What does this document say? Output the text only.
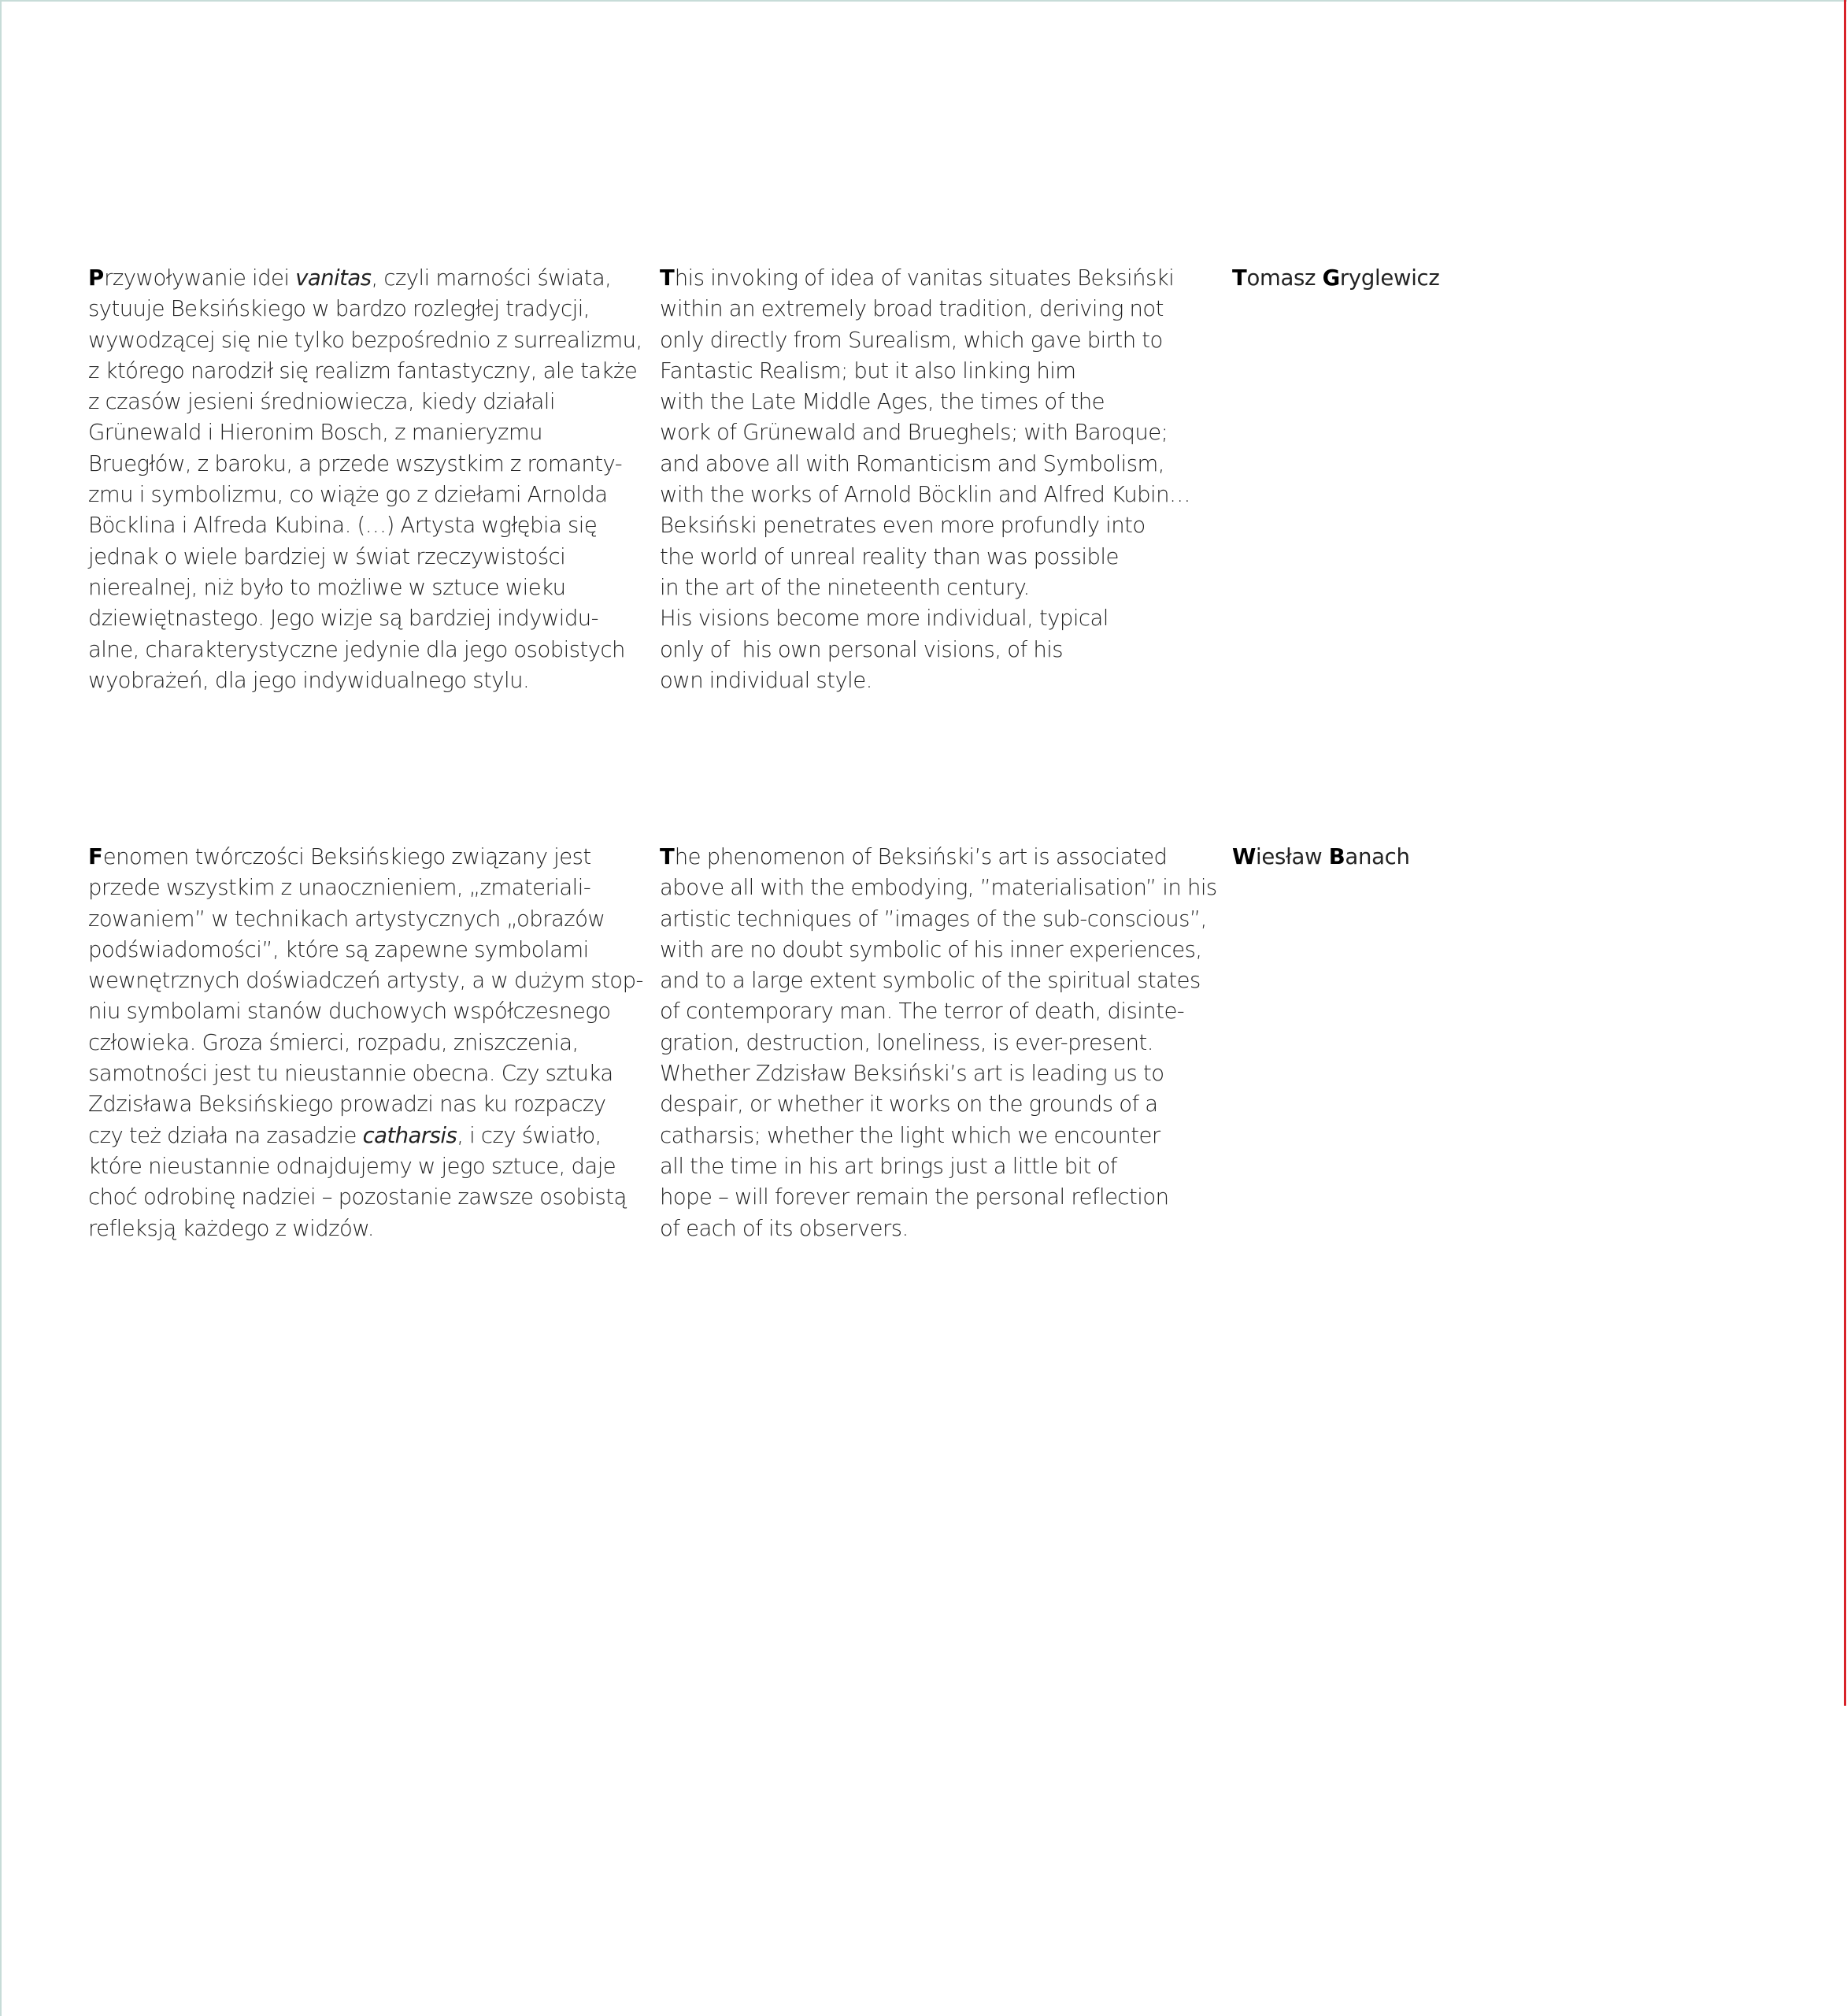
Przywoływanie idei vanitas, czyli marności świata,
sytuuje Beksińskiego w bardzo rozległej tradycji,
wywodzącej się nie tylko bezpośrednio z surrealizmu,
z którego narodził się realizm fantastyczny, ale także
z czasów jesieni średniowiecza, kiedy działali
Grünewald i Hieronim Bosch, z manieryzmu
Bruegłów, z baroku, a przede wszystkim z romanty-
zmu i symbolizmu, co wiąże go z dziełami Arnolda
Böcklina i Alfreda Kubina. (…) Artysta wgłębia się
jednak o wiele bardziej w świat rzeczywistości
nierealnej, niż było to możliwe w sztuce wieku
dziewiętnastego. Jego wizje są bardziej indywidu-
alne, charakterystyczne jedynie dla jego osobistych
wyobrażeń, dla jego indywidualnego stylu.
This invoking of idea of vanitas situates Beksiński
within an extremely broad tradition, deriving not
only directly from Surealism, which gave birth to
Fantastic Realism; but it also linking him
with the Late Middle Ages, the times of the
work of Grünewald and Brueghels; with Baroque;
and above all with Romanticism and Symbolism,
with the works of Arnold Böcklin and Alfred Kubin…
Beksiński penetrates even more profundly into
the world of unreal reality than was possible
in the art of the nineteenth century.
His visions become more individual, typical
only of  his own personal visions, of his
own individual style.
Tomasz Gryglewicz
Fenomen twórczości Beksińskiego związany jest
przede wszystkim z unaocznieniem, „zmateriali-
zowaniem” w technikach artystycznych „obrazów
podświadomości”, które są zapewne symbolami
wewnętrznych doświadczeń artysty, a w dużym stop-
niu symbolami stanów duchowych współczesnego
człowieka. Groza śmierci, rozpadu, zniszczenia,
samotności jest tu nieustannie obecna. Czy sztuka
Zdzisława Beksińskiego prowadzi nas ku rozpaczy
czy też działa na zasadzie catharsis, i czy światło,
które nieustannie odnajdujemy w jego sztuce, daje
choć odrobinę nadziei – pozostanie zawsze osobistą
refleksją każdego z widzów.
The phenomenon of Beksiński’s art is associated
above all with the embodying, ”materialisation” in his
artistic techniques of ”images of the sub-conscious”,
with are no doubt symbolic of his inner experiences,
and to a large extent symbolic of the spiritual states
of contemporary man. The terror of death, disinte-
gration, destruction, loneliness, is ever-present.
Whether Zdzisław Beksiński’s art is leading us to
despair, or whether it works on the grounds of a
catharsis; whether the light which we encounter
all the time in his art brings just a little bit of
hope – will forever remain the personal reflection
of each of its observers.
Wiesław Banach
